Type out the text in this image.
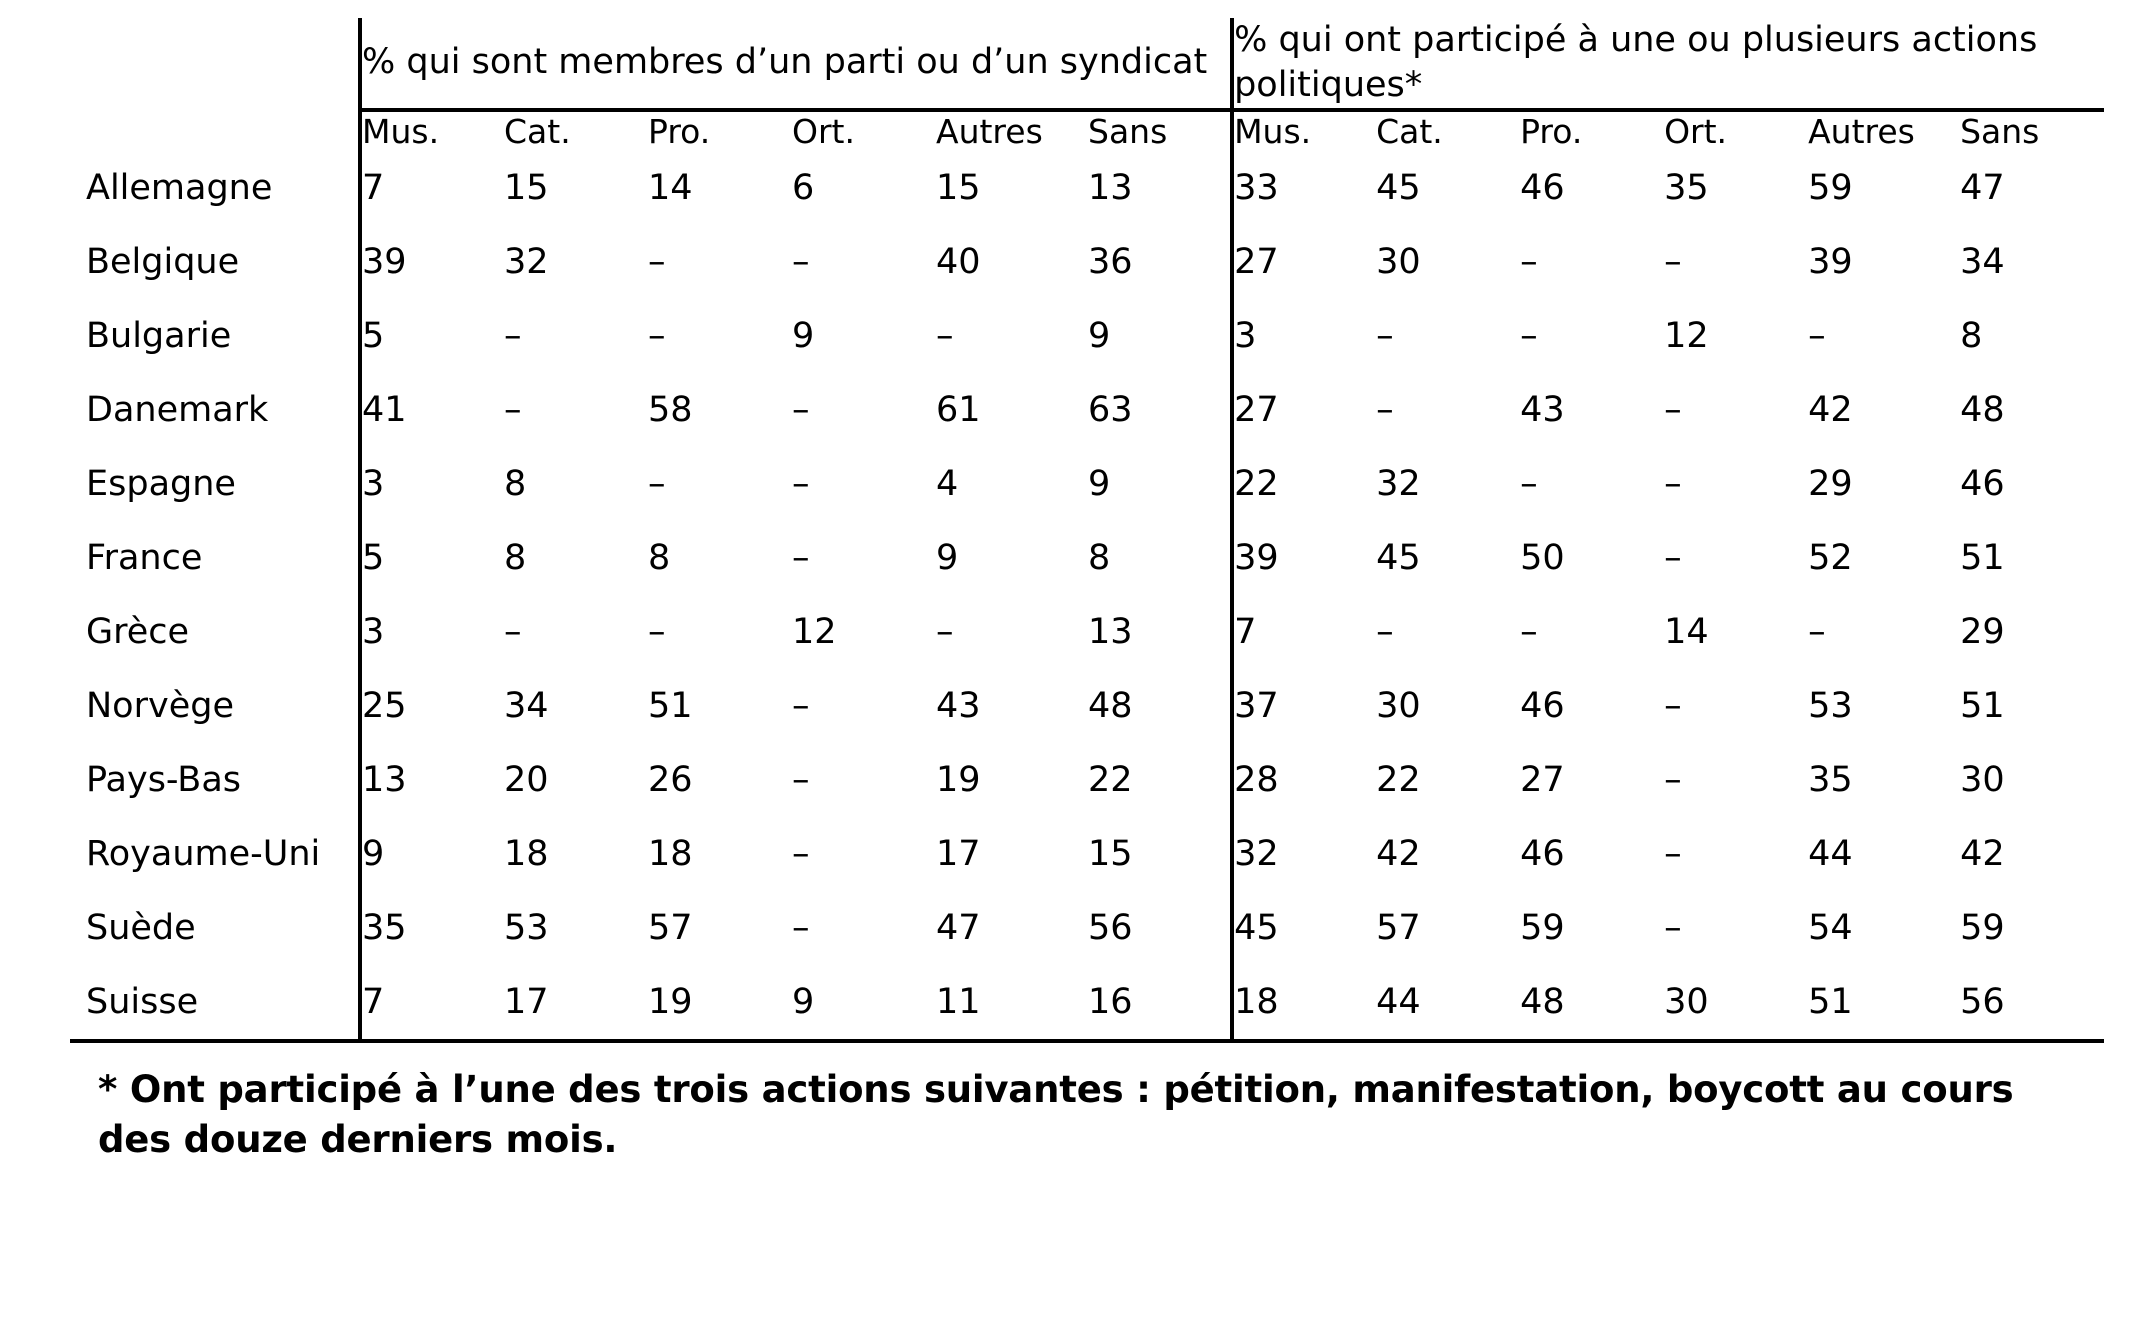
	% qui sont membres d’un parti ou d’un syndicat						% qui ont participé à une ou plusieurs actions politiques*					
	Mus.	Cat.	Pro.	Ort.	Autres	Sans	Mus.	Cat.	Pro.	Ort.	Autres	Sans
Allemagne	7	15	14	6	15	13	33	45	46	35	59	47
Belgique	39	32	–	–	40	36	27	30	–	–	39	34
Bulgarie	5	–	–	9	–	9	3	–	–	12	–	8
Danemark	41	–	58	–	61	63	27	–	43	–	42	48
Espagne	3	8	–	–	4	9	22	32	–	–	29	46
France	5	8	8	–	9	8	39	45	50	–	52	51
Grèce	3	–	–	12	–	13	7	–	–	14	–	29
Norvège	25	34	51	–	43	48	37	30	46	–	53	51
Pays-Bas	13	20	26	–	19	22	28	22	27	–	35	30
Royaume-Uni	9	18	18	–	17	15	32	42	46	–	44	42
Suède	35	53	57	–	47	56	45	57	59	–	54	59
Suisse	7	17	19	9	11	16	18	44	48	30	51	56

* Ont participé à l’une des trois actions suivantes : pétition, manifestation, boycott au cours des douze derniers mois.
